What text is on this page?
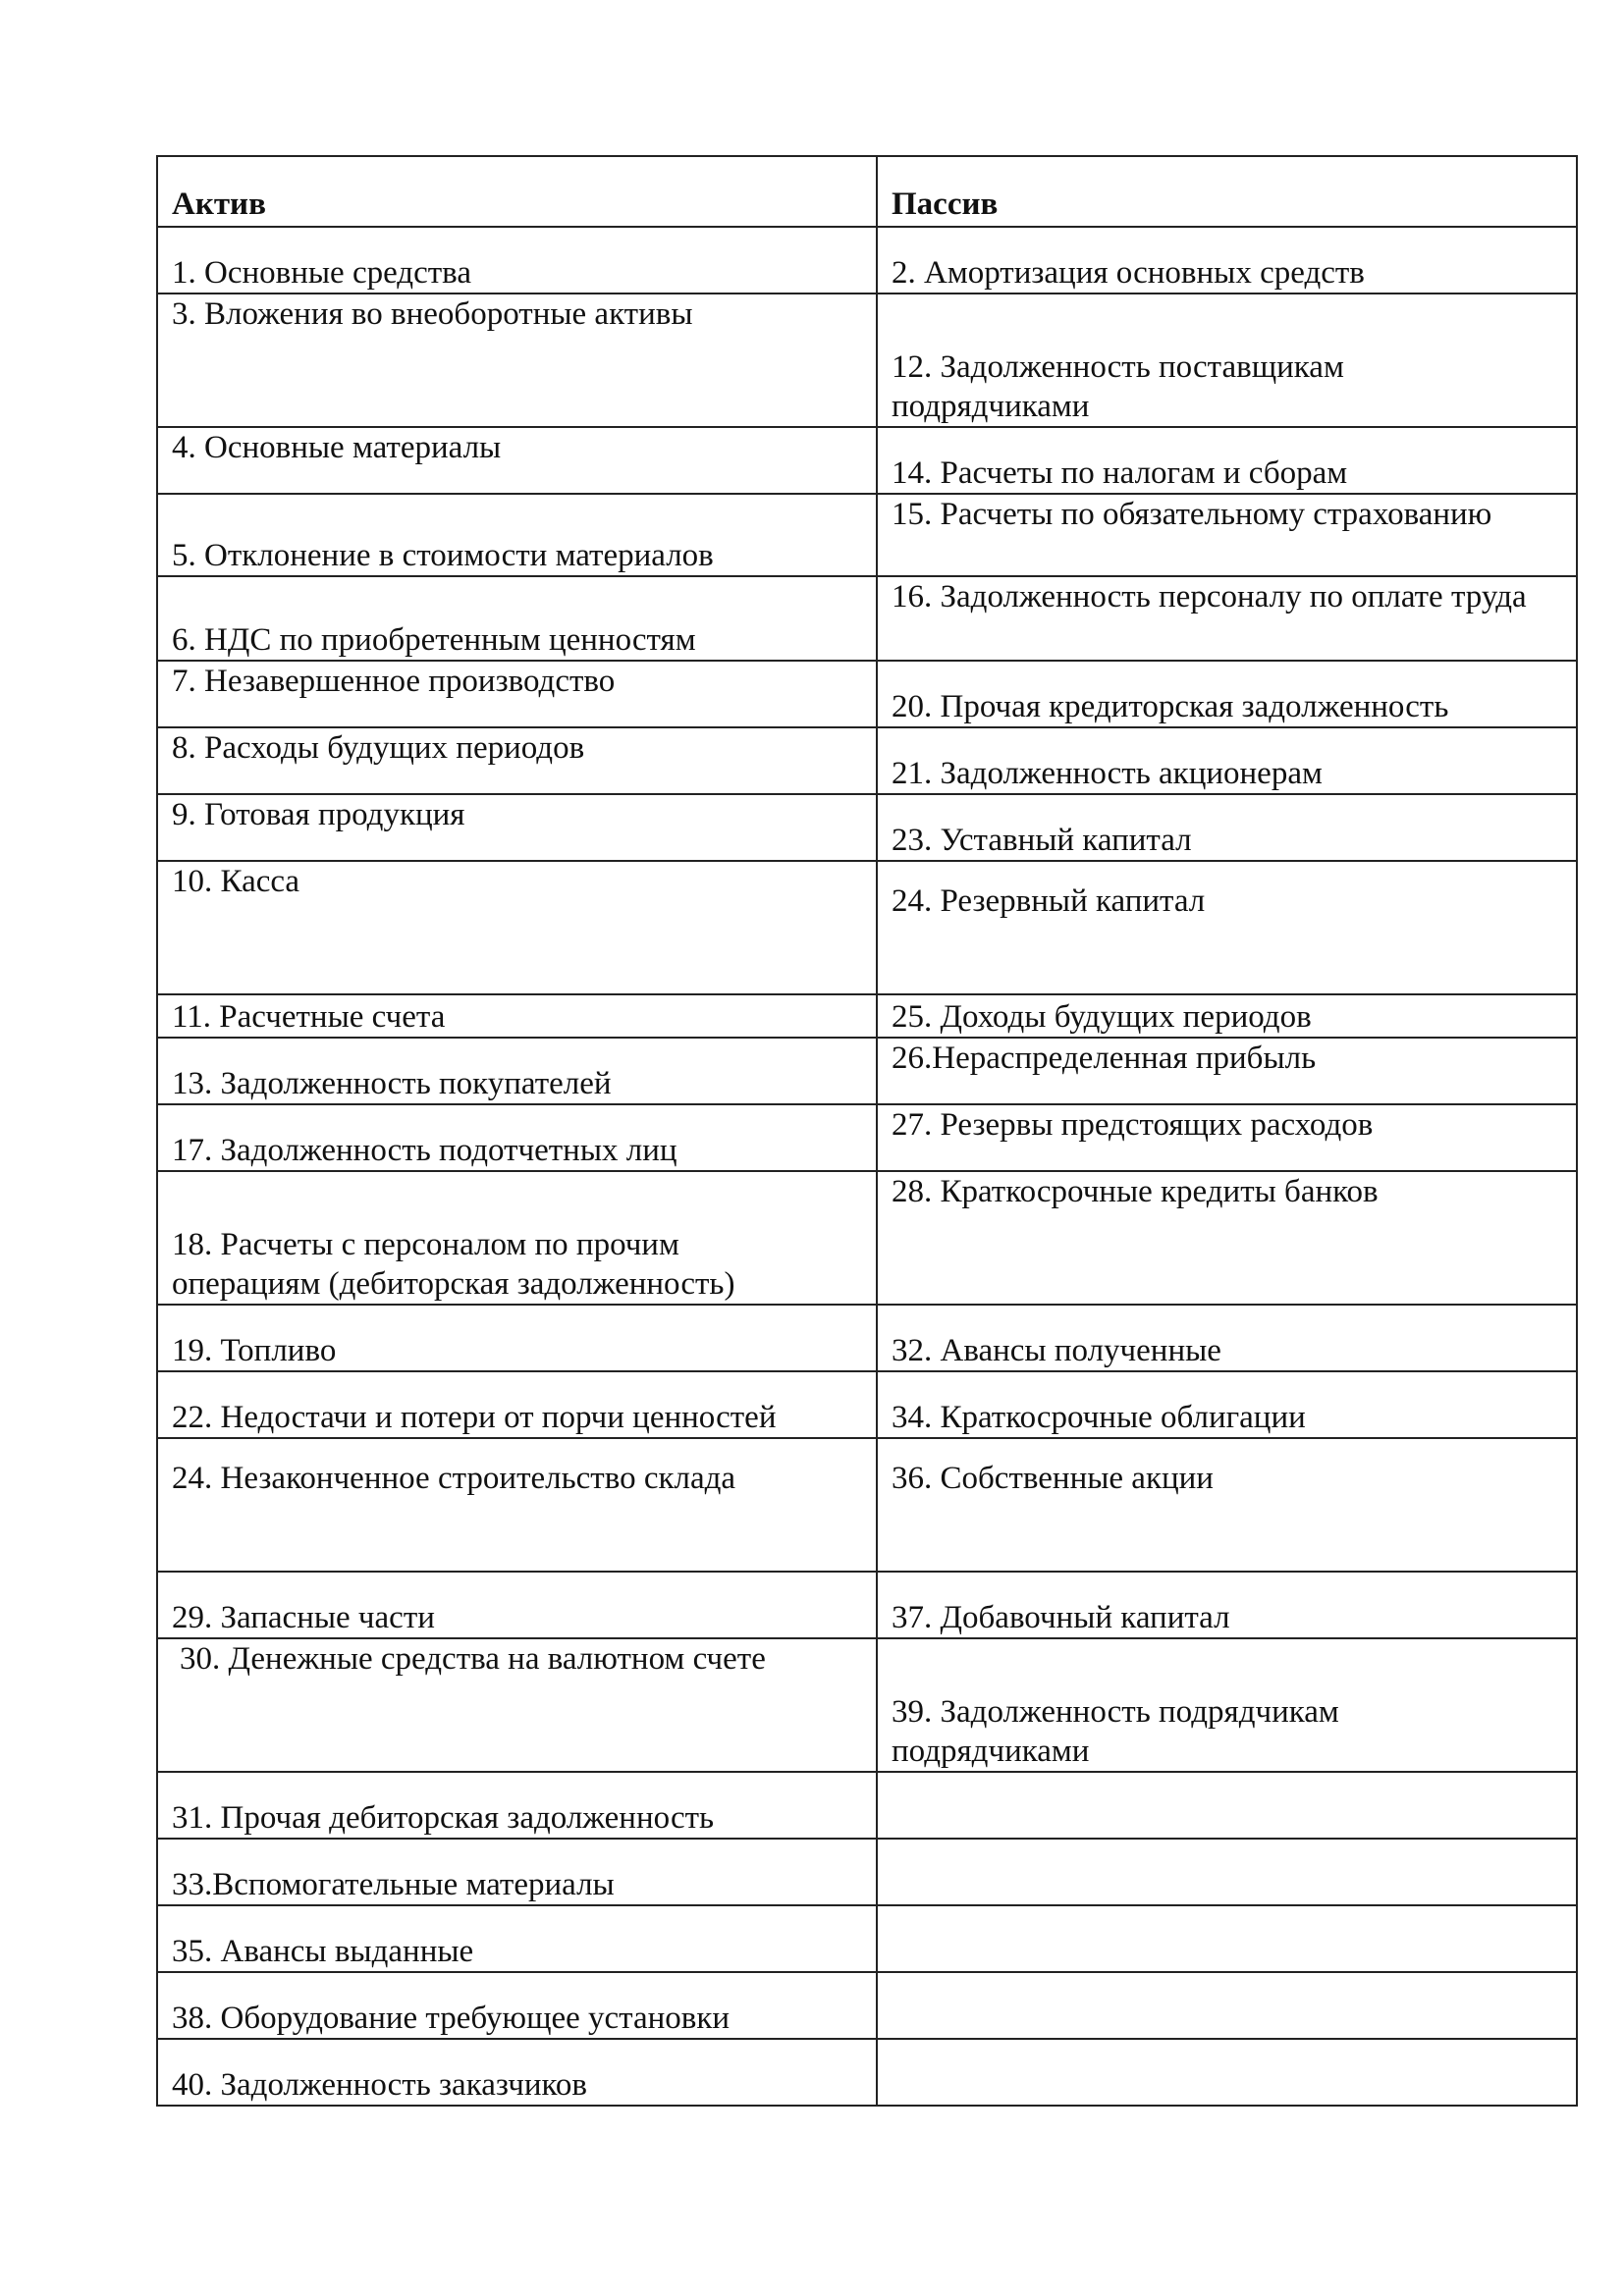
Актив	Пассив

1. Основные средства	2. Амортизация основных средств

3. Вложения во внеоборотные активы	12. Задолженность поставщикам
подрядчиками

4. Основные материалы	14. Расчеты по налогам и сборам

5. Отклонение в стоимости материалов	15. Расчеты по обязательному страхованию

6. НДС по приобретенным ценностям	16. Задолженность персоналу по оплате труда

7. Незавершенное производство	20. Прочая кредиторская задолженность

8. Расходы будущих периодов	21. Задолженность акционерам

9. Готовая продукция	23. Уставный капитал

10. Касса	24. Резервный капитал

11. Расчетные счета	25. Доходы будущих периодов

13. Задолженность покупателей	26.Нераспределенная прибыль

17. Задолженность подотчетных лиц	27. Резервы предстоящих расходов

18. Расчеты с персоналом по прочим
операциям (дебиторская задолженность)	28. Краткосрочные кредиты банков

19. Топливо	32. Авансы полученные

22. Недостачи и потери от порчи ценностей	34. Краткосрочные облигации

24. Незаконченное строительство склада	36. Собственные акции

29. Запасные части	37. Добавочный капитал

30. Денежные средства на валютном счете	39. Задолженность подрядчикам
подрядчиками

31. Прочая дебиторская задолженность	

33.Вспомогательные материалы	

35. Авансы выданные	

38. Оборудование требующее установки	

40. Задолженность заказчиков	
